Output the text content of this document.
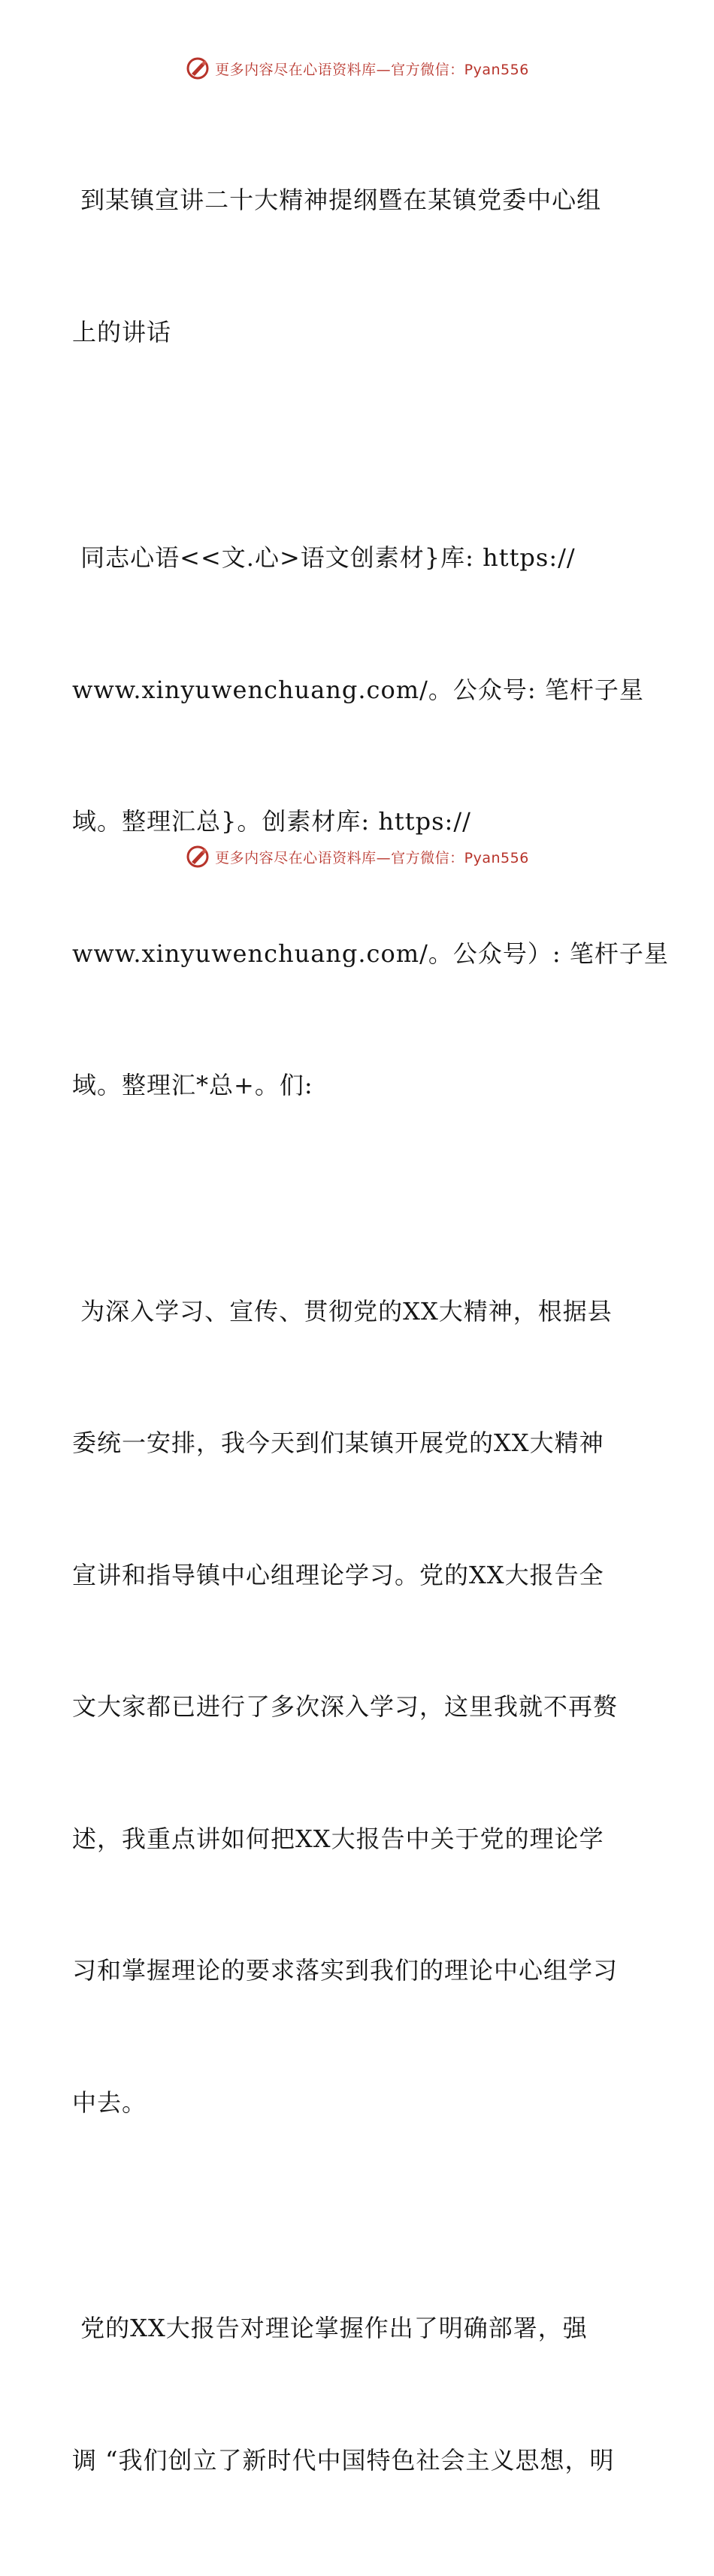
更多内容尽在心语资料库—官方微信：Pyan556

到某镇宣讲二十大精神提纲暨在某镇党委中心组

上的讲话

同志心语<<文.心>语文创素材}库: https://

www.xinyuwenchuang.com/。公众号: 笔杆子星

域。整理汇总}。创素材库: https://

www.xinyuwenchuang.com/。公众号）: 笔杆子星

域。整理汇*总+。们:

为深入学习、宣传、贯彻党的XX大精神，根据县

委统一安排，我今天到们某镇开展党的XX大精神

宣讲和指导镇中心组理论学习。党的XX大报告全

文大家都已进行了多次深入学习，这里我就不再赘

述，我重点讲如何把XX大报告中关于党的理论学

习和掌握理论的要求落实到我们的理论中心组学习

中去。

党的XX大报告对理论掌握作出了明确部署，强

调 “我们创立了新时代中国特色社会主义思想，明

更多内容尽在心语资料库—官方微信：Pyan556
